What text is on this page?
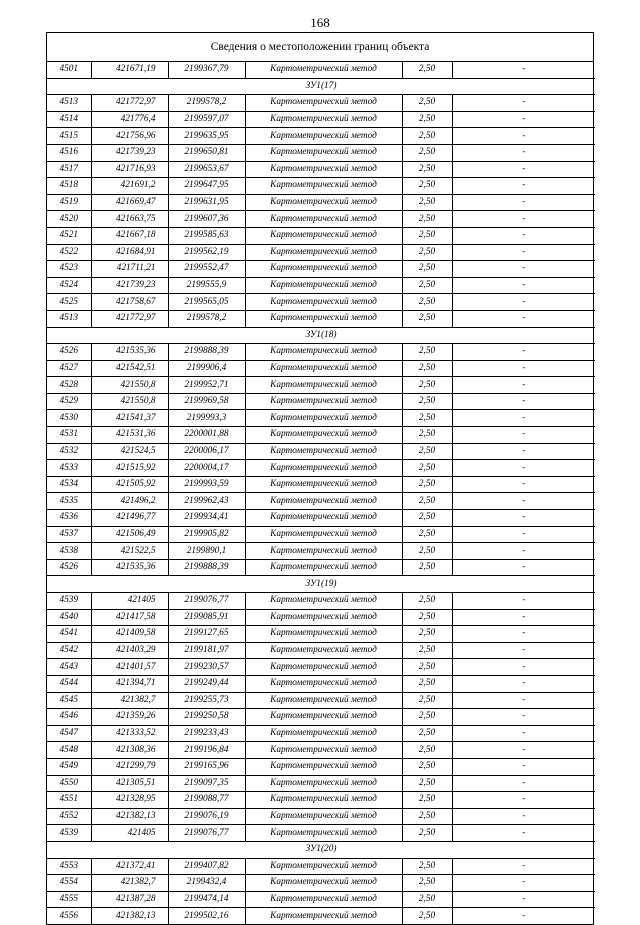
168
Сведения о местоположении границ объекта
4501	421671,19	2199367,79	Картометрический метод	2,50	-
ЗУ1(17)					
4513	421772,97	2199578,2	Картометрический метод	2,50	-
4514	421776,4	2199597,07	Картометрический метод	2,50	-
4515	421756,96	2199635,95	Картометрический метод	2,50	-
4516	421739,23	2199650,81	Картометрический метод	2,50	-
4517	421716,93	2199653,67	Картометрический метод	2,50	-
4518	421691,2	2199647,95	Картометрический метод	2,50	-
4519	421669,47	2199631,95	Картометрический метод	2,50	-
4520	421663,75	2199607,36	Картометрический метод	2,50	-
4521	421667,18	2199585,63	Картометрический метод	2,50	-
4522	421684,91	2199562,19	Картометрический метод	2,50	-
4523	421711,21	2199552,47	Картометрический метод	2,50	-
4524	421739,23	2199555,9	Картометрический метод	2,50	-
4525	421758,67	2199565,05	Картометрический метод	2,50	-
4513	421772,97	2199578,2	Картометрический метод	2,50	-
ЗУ1(18)					
4526	421535,36	2199888,39	Картометрический метод	2,50	-
4527	421542,51	2199906,4	Картометрический метод	2,50	-
4528	421550,8	2199952,71	Картометрический метод	2,50	-
4529	421550,8	2199969,58	Картометрический метод	2,50	-
4530	421541,37	2199993,3	Картометрический метод	2,50	-
4531	421531,36	2200001,88	Картометрический метод	2,50	-
4532	421524,5	2200006,17	Картометрический метод	2,50	-
4533	421515,92	2200004,17	Картометрический метод	2,50	-
4534	421505,92	2199993,59	Картометрический метод	2,50	-
4535	421496,2	2199962,43	Картометрический метод	2,50	-
4536	421496,77	2199934,41	Картометрический метод	2,50	-
4537	421506,49	2199905,82	Картометрический метод	2,50	-
4538	421522,5	2199890,1	Картометрический метод	2,50	-
4526	421535,36	2199888,39	Картометрический метод	2,50	-
ЗУ1(19)					
4539	421405	2199076,77	Картометрический метод	2,50	-
4540	421417,58	2199085,91	Картометрический метод	2,50	-
4541	421409,58	2199127,65	Картометрический метод	2,50	-
4542	421403,29	2199181,97	Картометрический метод	2,50	-
4543	421401,57	2199230,57	Картометрический метод	2,50	-
4544	421394,71	2199249,44	Картометрический метод	2,50	-
4545	421382,7	2199255,73	Картометрический метод	2,50	-
4546	421359,26	2199250,58	Картометрический метод	2,50	-
4547	421333,52	2199233,43	Картометрический метод	2,50	-
4548	421308,36	2199196,84	Картометрический метод	2,50	-
4549	421299,79	2199165,96	Картометрический метод	2,50	-
4550	421305,51	2199097,35	Картометрический метод	2,50	-
4551	421328,95	2199088,77	Картометрический метод	2,50	-
4552	421382,13	2199076,19	Картометрический метод	2,50	-
4539	421405	2199076,77	Картометрический метод	2,50	-
ЗУ1(20)					
4553	421372,41	2199407,82	Картометрический метод	2,50	-
4554	421382,7	2199432,4	Картометрический метод	2,50	-
4555	421387,28	2199474,14	Картометрический метод	2,50	-
4556	421382,13	2199502,16	Картометрический метод	2,50	-
